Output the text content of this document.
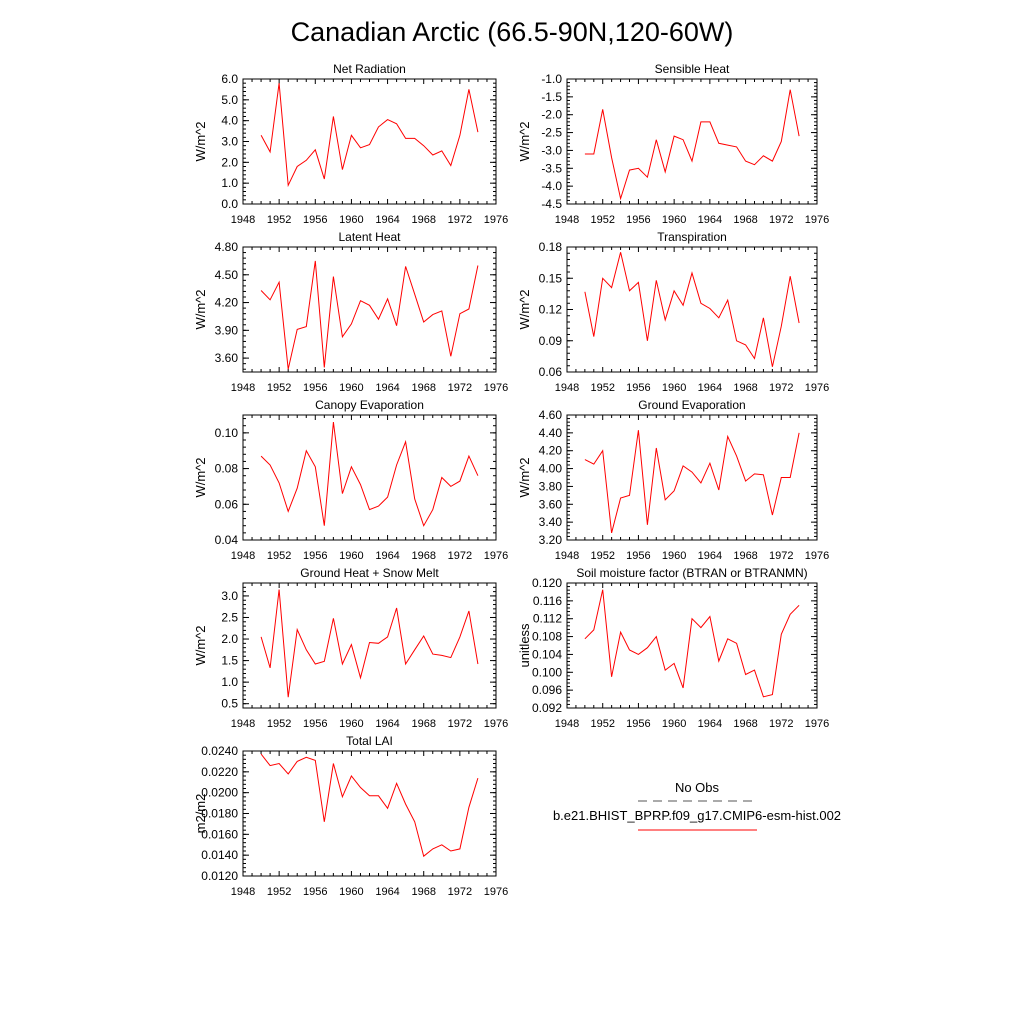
Canadian Arctic (66.5-90N,120-60W)
Net Radiation
W/m^2
1948 1952 1956 1960 1964 1968 1972 1976
0.0
1.0
2.0
3.0
4.0
5.0
6.0
Sensible Heat
W/m^2
1948 1952 1956 1960 1964 1968 1972 1976
-4.5
-4.0
-3.5
-3.0
-2.5
-2.0
-1.5
-1.0
Latent Heat
W/m^2
1948 1952 1956 1960 1964 1968 1972 1976
3.60
3.90
4.20
4.50
4.80
Transpiration
W/m^2
1948 1952 1956 1960 1964 1968 1972 1976
0.06
0.09
0.12
0.15
0.18
Canopy Evaporation
W/m^2
1948 1952 1956 1960 1964 1968 1972 1976
0.04
0.06
0.08
0.10
Ground Evaporation
W/m^2
1948 1952 1956 1960 1964 1968 1972 1976
3.20
3.40
3.60
3.80
4.00
4.20
4.40
4.60
Ground Heat + Snow Melt
W/m^2
1948 1952 1956 1960 1964 1968 1972 1976
0.5
1.0
1.5
2.0
2.5
3.0
Soil moisture factor (BTRAN or BTRANMN)
unitless
1948 1952 1956 1960 1964 1968 1972 1976
0.092
0.096
0.100
0.104
0.108
0.112
0.116
0.120
Total LAI
m2/m2
1948 1952 1956 1960 1964 1968 1972 1976
0.0120
0.0140
0.0160
0.0180
0.0200
0.0220
0.0240
No Obs
b.e21.BHIST_BPRP.f09_g17.CMIP6-esm-hist.002
